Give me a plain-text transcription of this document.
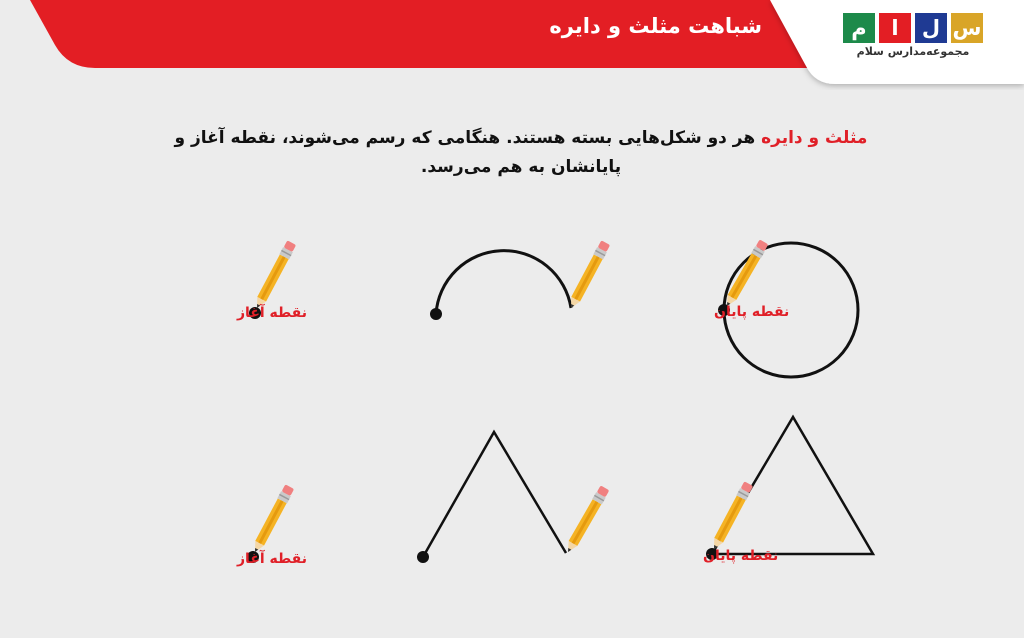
شباهت مثلث و دایره	م	ا	ل س
مجموعه‌مدارس سلام
مثلث و دایره هر دو شکل‌هایی بسته هستند. هنگامی که رسم می‌شوند، نقطه آغاز و پایانشان به هم می‌رسد.
نقطه آغاز	نقطه پایان
نقطه آغاز	نقطه پایان
